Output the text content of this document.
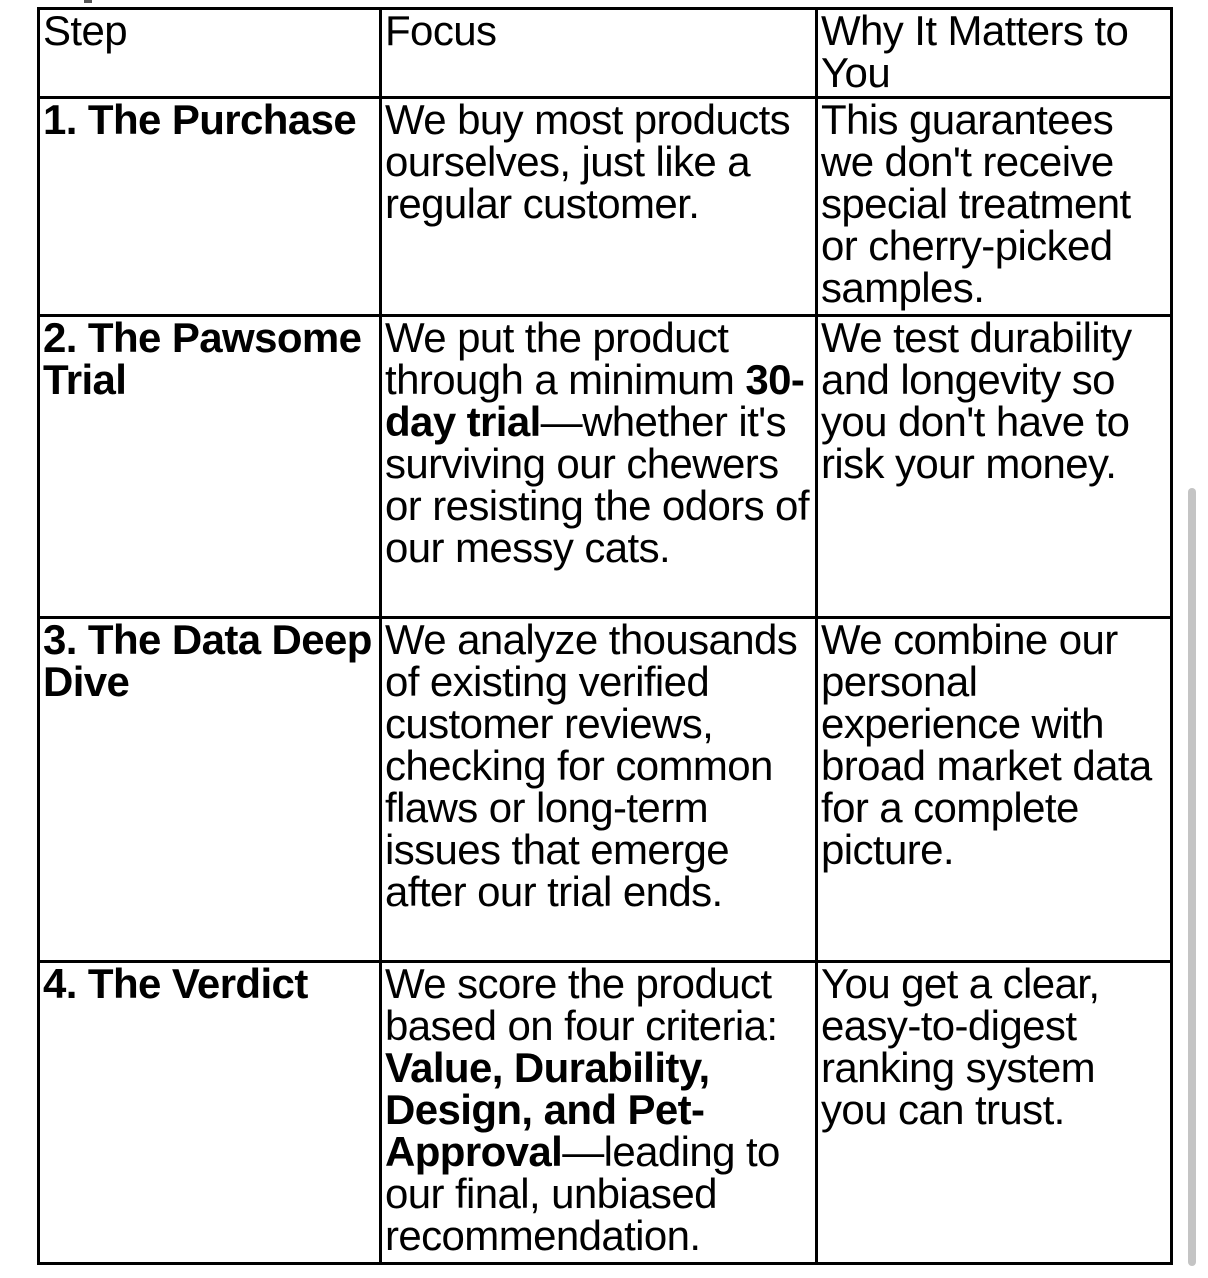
Step	Focus	Why It Matters to You
1. The Purchase	We buy most products ourselves, just like a regular customer.	This guarantees we don't receive special treatment or cherry-picked samples.
2. The Pawsome Trial	We put the product through a minimum 30-day trial—whether it's surviving our chewers or resisting the odors of our messy cats.	We test durability and longevity so you don't have to risk your money.
3. The Data Deep Dive	We analyze thousands of existing verified customer reviews, checking for common flaws or long-term issues that emerge after our trial ends.	We combine our personal experience with broad market data for a complete picture.
4. The Verdict	We score the product based on four criteria: Value, Durability, Design, and Pet-Approval—leading to our final, unbiased recommendation.	You get a clear, easy-to-digest ranking system you can trust.
